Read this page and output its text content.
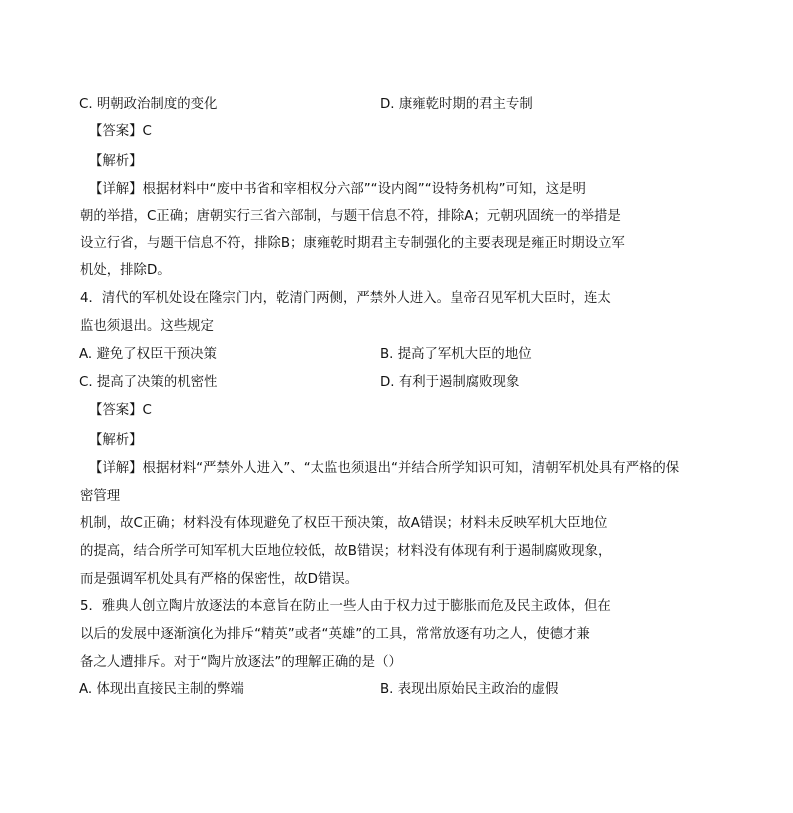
C. 明朝政治制度的变化	D. 康雍乾时期的君主专制
【答案】C
【解析】
【详解】根据材料中“废中书省和宰相权分六部”“设内阁”“设特务机构”可知，这是明
朝的举措，C正确；唐朝实行三省六部制，与题干信息不符，排除A；元朝巩固统一的举措是
设立行省，与题干信息不符，排除B；康雍乾时期君主专制强化的主要表现是雍正时期设立军
机处，排除D。
4．清代的军机处设在隆宗门内，乾清门两侧，严禁外人进入。皇帝召见军机大臣时，连太
监也须退出。这些规定
A. 避免了权臣干预决策	B. 提高了军机大臣的地位
C. 提高了决策的机密性	D. 有利于遏制腐败现象
【答案】C
【解析】
【详解】根据材料“严禁外人进入”、“太监也须退出“并结合所学知识可知，清朝军机处具有严格的保
密管理
机制，故C正确；材料没有体现避免了权臣干预决策，故A错误；材料未反映军机大臣地位
的提高，结合所学可知军机大臣地位较低，故B错误；材料没有体现有利于遏制腐败现象，
而是强调军机处具有严格的保密性，故D错误。
5．雅典人创立陶片放逐法的本意旨在防止一些人由于权力过于膨胀而危及民主政体，但在
以后的发展中逐渐演化为排斥“精英”或者“英雄”的工具，常常放逐有功之人，使德才兼
备之人遭排斥。对于“陶片放逐法”的理解正确的是（）
A. 体现出直接民主制的弊端	B. 表现出原始民主政治的虚假
